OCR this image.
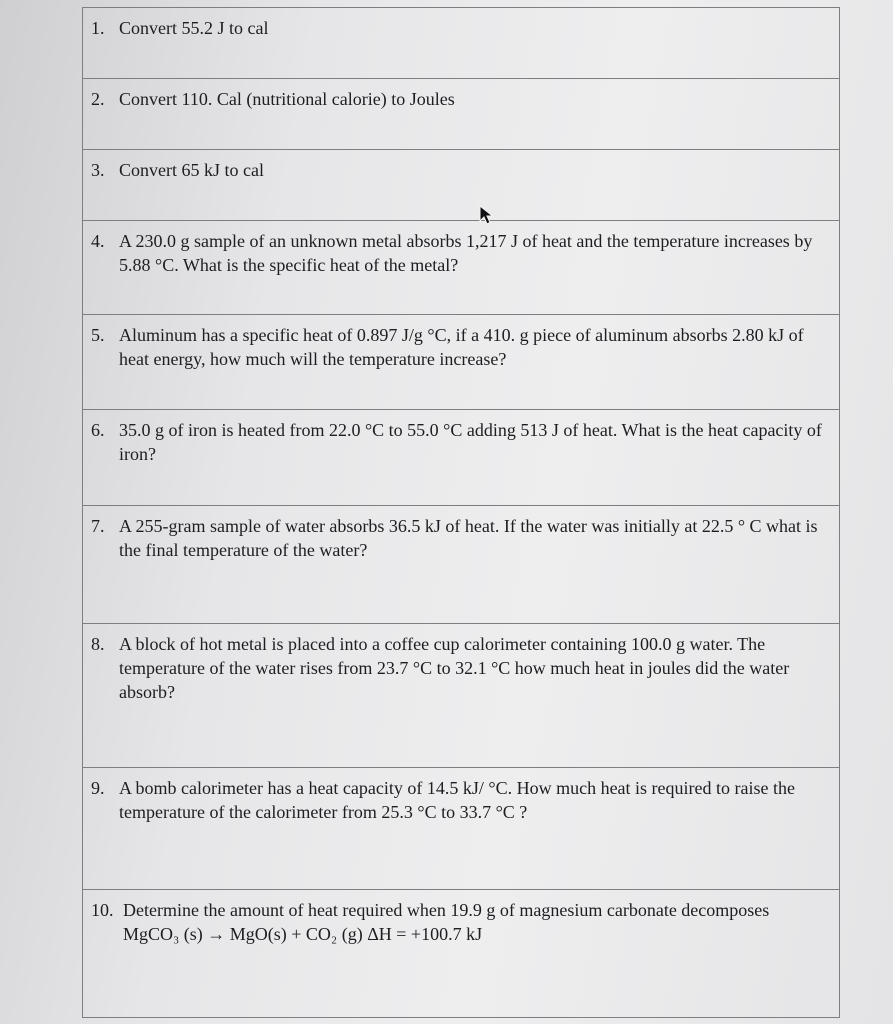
1. Convert 55.2 J to cal

2. Convert 110. Cal (nutritional calorie) to Joules

3. Convert 65 kJ to cal

4. A 230.0 g sample of an unknown metal absorbs 1,217 J of heat and the temperature increases by 5.88 °C. What is the specific heat of the metal?

5. Aluminum has a specific heat of 0.897 J/g °C, if a 410. g piece of aluminum absorbs 2.80 kJ of heat energy, how much will the temperature increase?

6. 35.0 g of iron is heated from 22.0 °C to 55.0 °C adding 513 J of heat. What is the heat capacity of iron?

7. A 255-gram sample of water absorbs 36.5 kJ of heat. If the water was initially at 22.5 ° C what is the final temperature of the water?

8. A block of hot metal is placed into a coffee cup calorimeter containing 100.0 g water. The temperature of the water rises from 23.7 °C to 32.1 °C how much heat in joules did the water absorb?

9. A bomb calorimeter has a heat capacity of 14.5 kJ/ °C. How much heat is required to raise the temperature of the calorimeter from 25.3 °C to 33.7 °C ?

10. Determine the amount of heat required when 19.9 g of magnesium carbonate decomposes MgCO₃ (s) → MgO(s) + CO₂ (g) ΔH = +100.7 kJ
